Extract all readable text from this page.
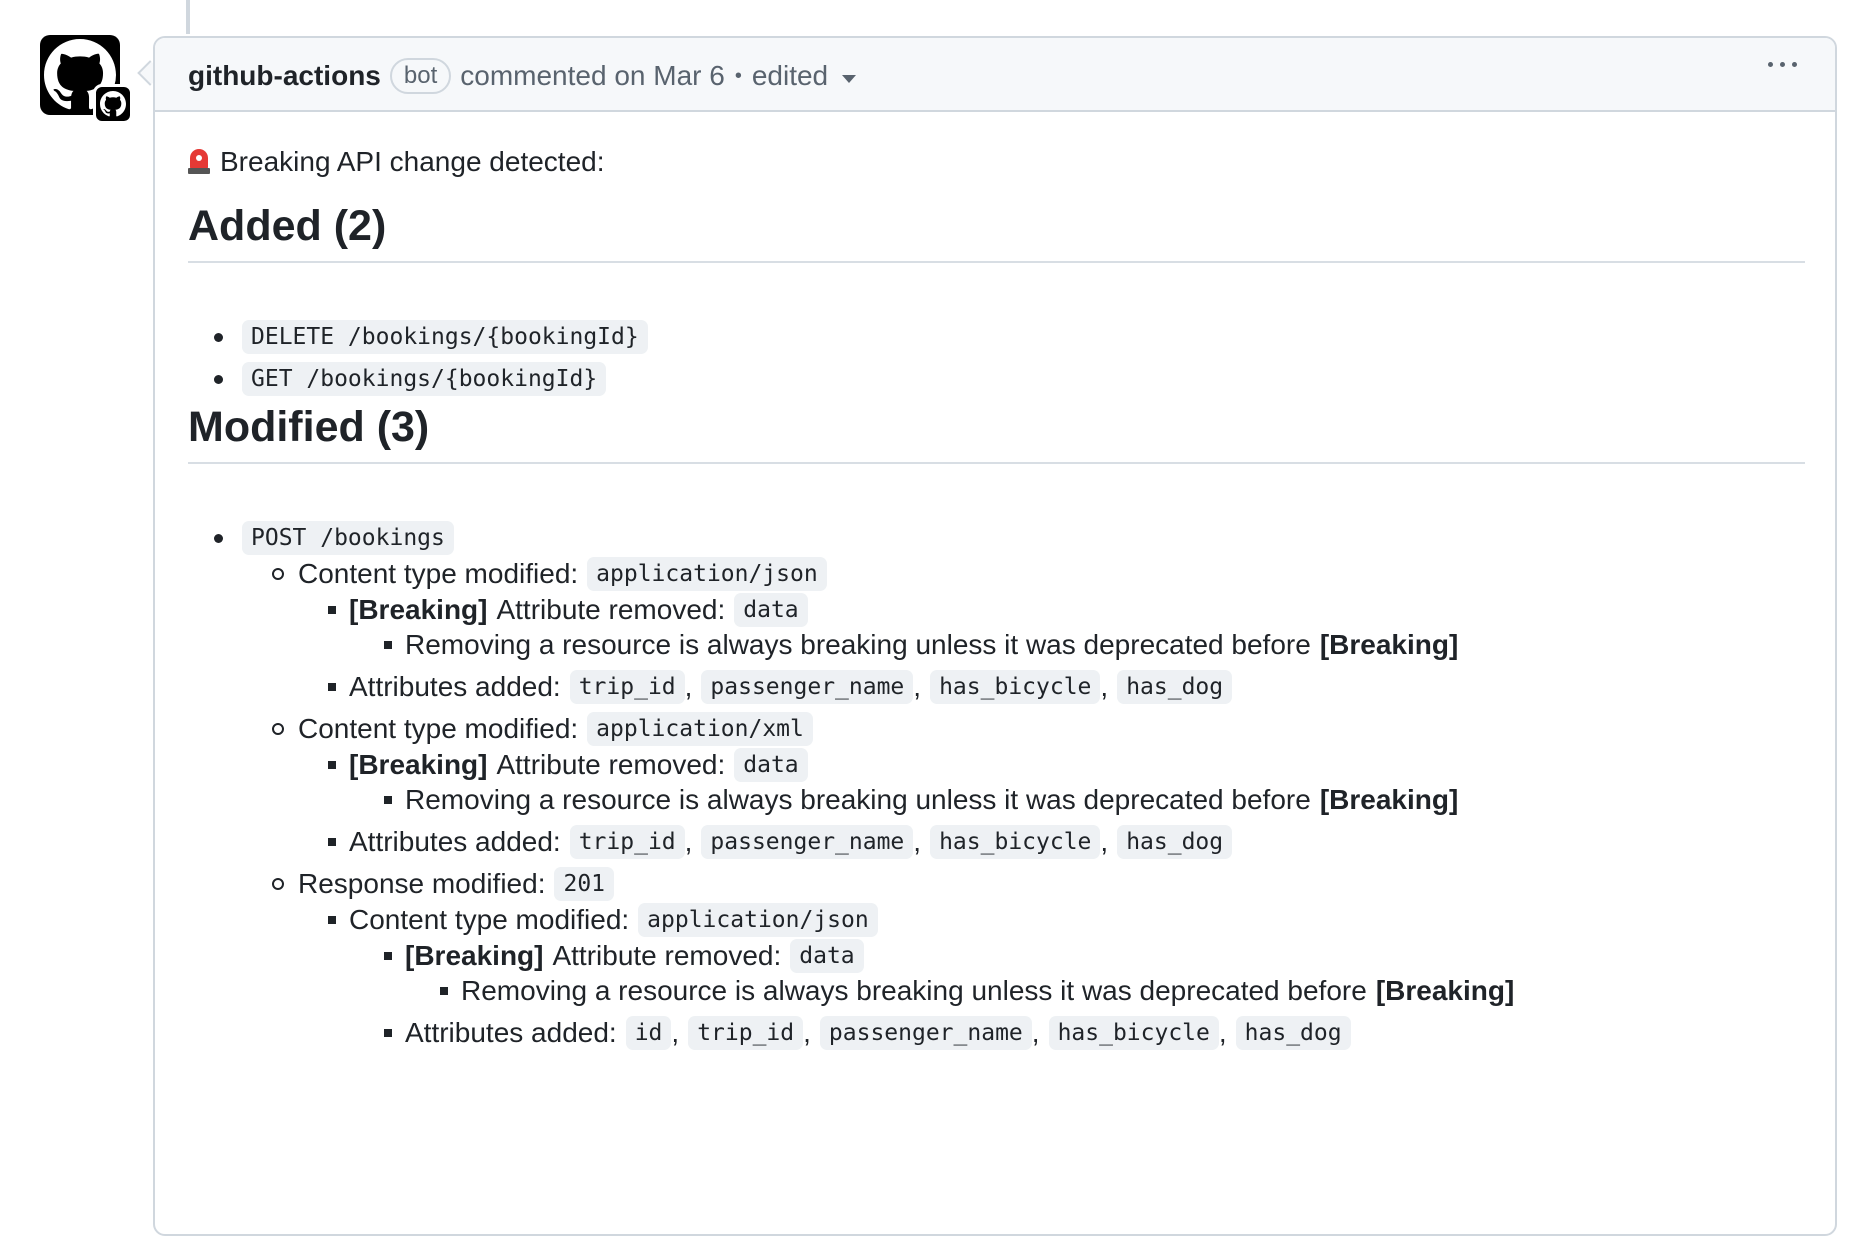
github-actions bot commented on Mar 6 • edited
Breaking API change detected:
Added (2)
DELETE /bookings/{bookingId}
GET /bookings/{bookingId}
Modified (3)
POST /bookings
Content type modified: application/json
[Breaking] Attribute removed: data
Removing a resource is always breaking unless it was deprecated before [Breaking]
Attributes added: trip_id , passenger_name , has_bicycle , has_dog
Content type modified: application/xml
[Breaking] Attribute removed: data
Removing a resource is always breaking unless it was deprecated before [Breaking]
Attributes added: trip_id , passenger_name , has_bicycle , has_dog
Response modified: 201
Content type modified: application/json
[Breaking] Attribute removed: data
Removing a resource is always breaking unless it was deprecated before [Breaking]
Attributes added: id , trip_id , passenger_name , has_bicycle , has_dog
